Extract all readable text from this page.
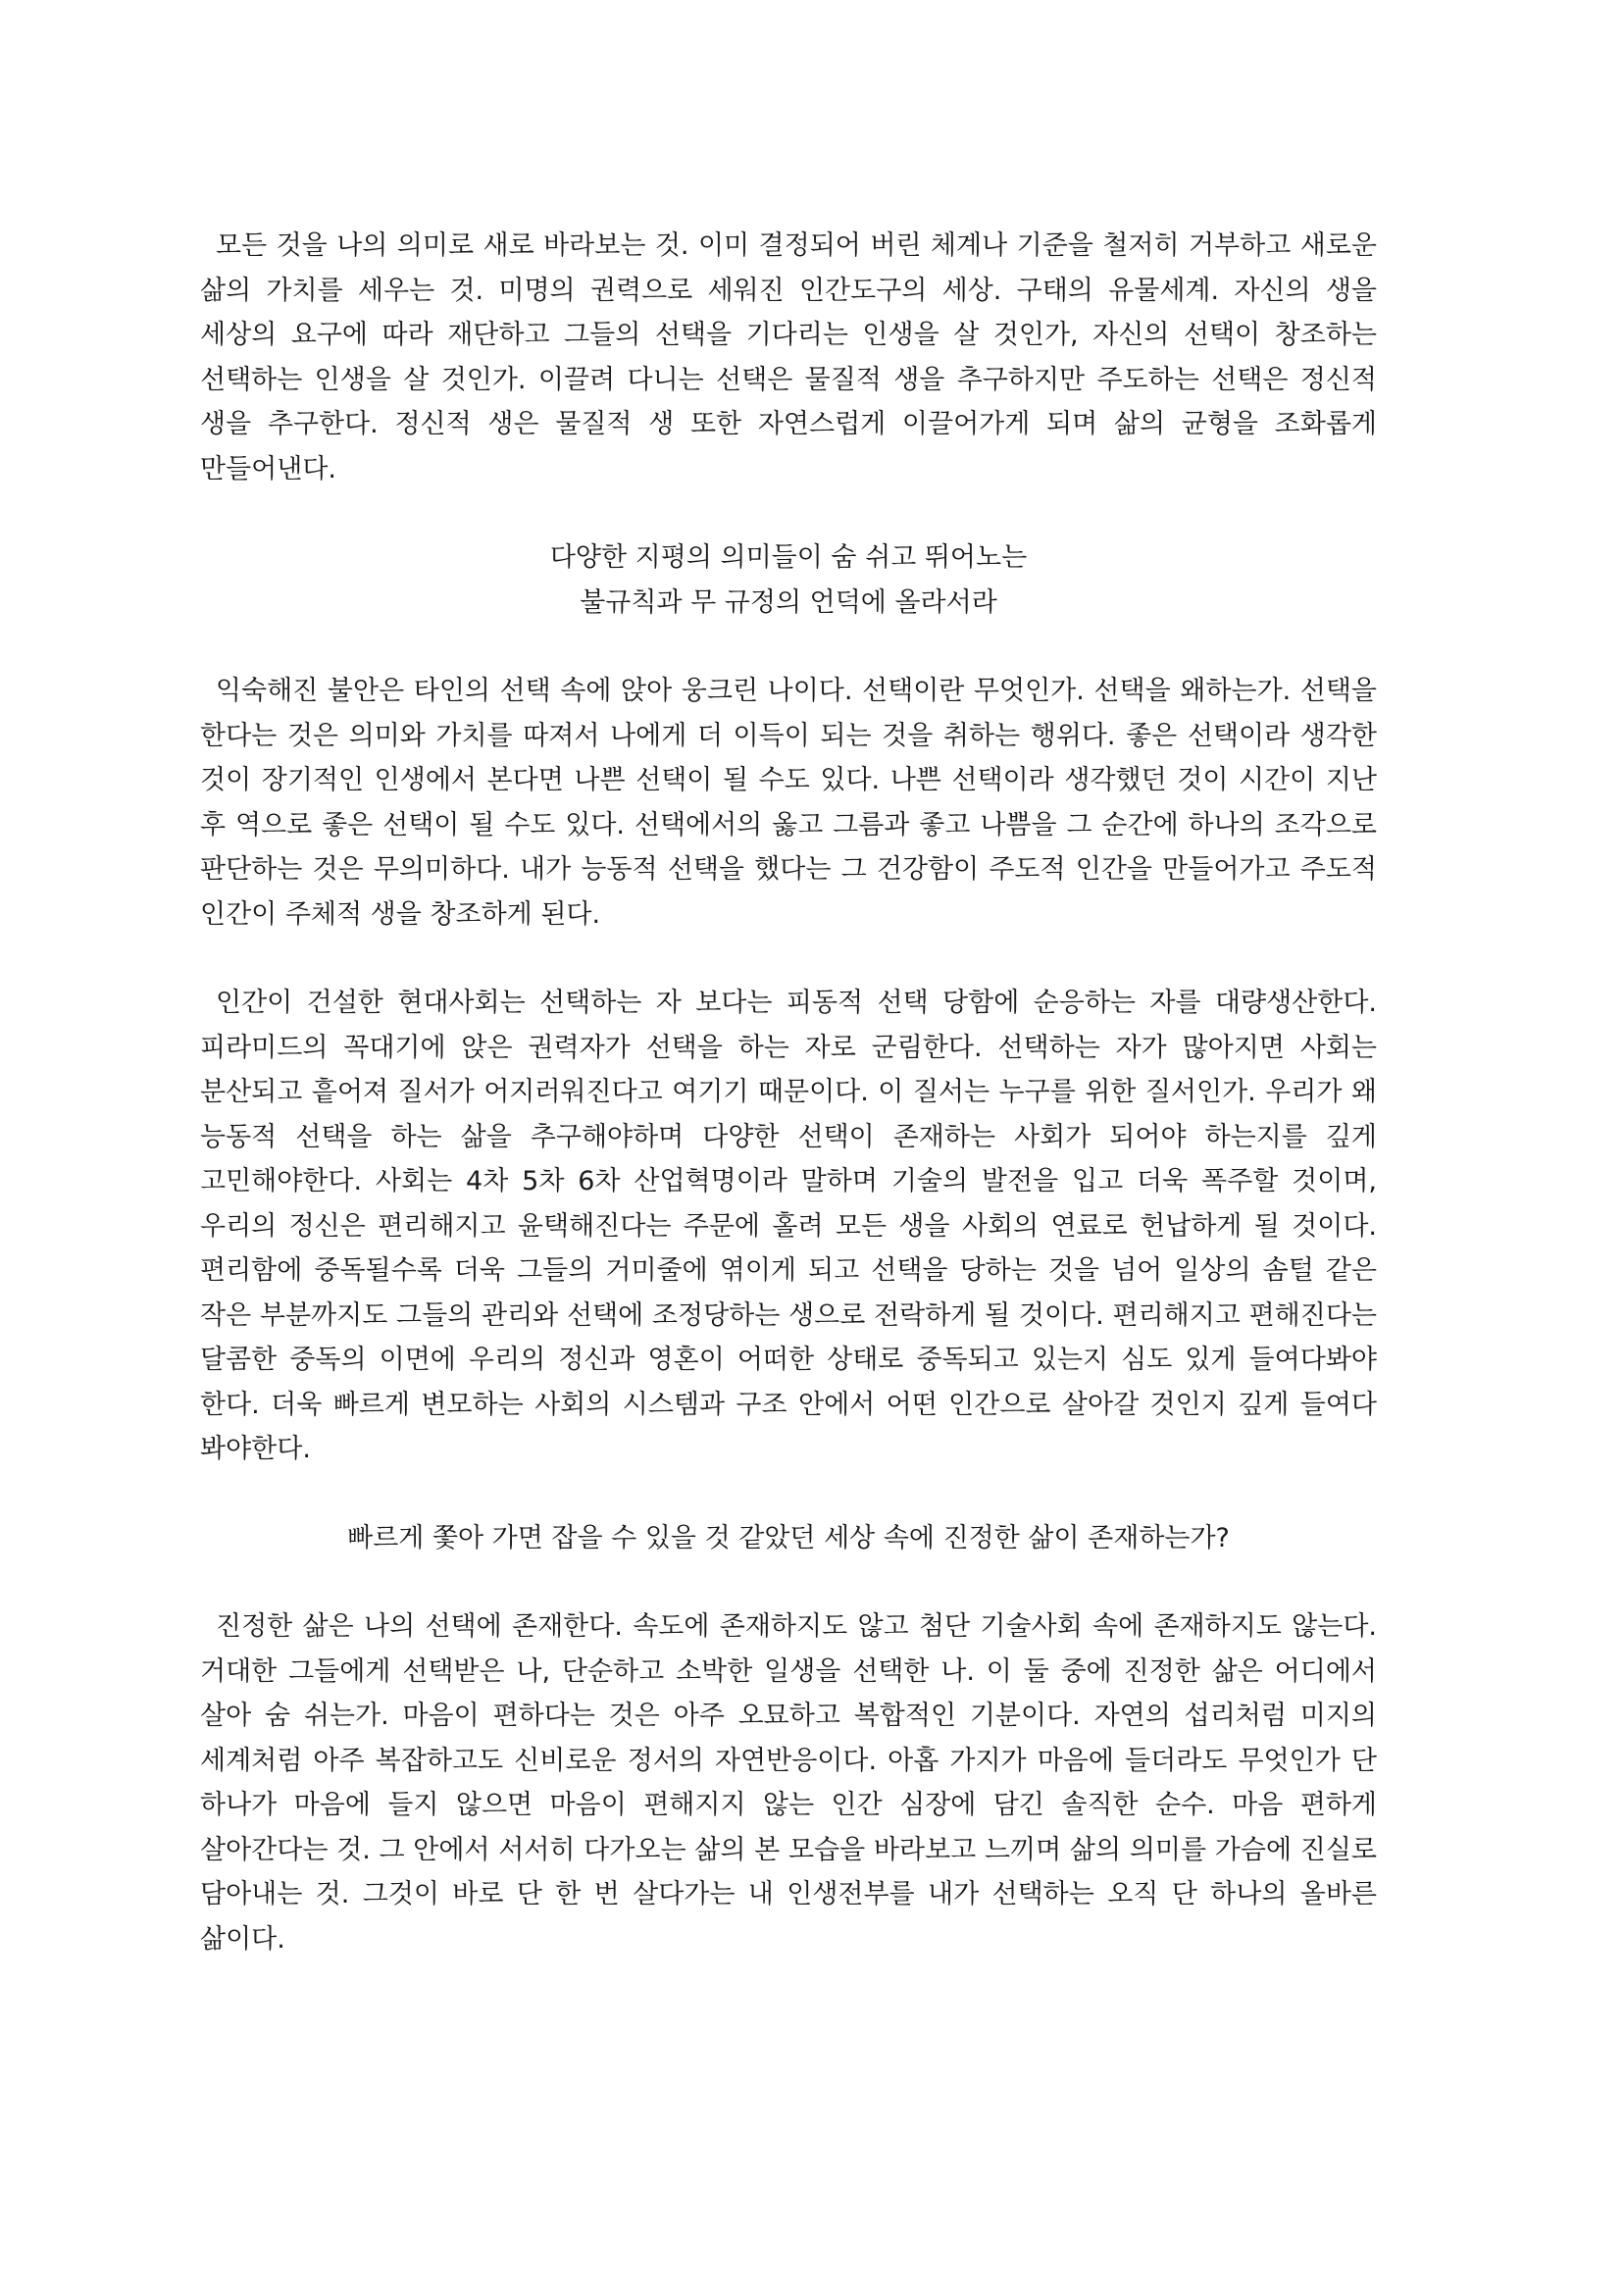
모든 것을 나의 의미로 새로 바라보는 것. 이미 결정되어 버린 체계나 기준을 철저히 거부하고 새로운 삶의 가치를 세우는 것. 미명의 권력으로 세워진 인간도구의 세상. 구태의 유물세계. 자신의 생을 세상의 요구에 따라 재단하고 그들의 선택을 기다리는 인생을 살 것인가, 자신의 선택이 창조하는 선택하는 인생을 살 것인가. 이끌려 다니는 선택은 물질적 생을 추구하지만 주도하는 선택은 정신적 생을 추구한다. 정신적 생은 물질적 생 또한 자연스럽게 이끌어가게 되며 삶의 균형을 조화롭게 만들어낸다.

다양한 지평의 의미들이 숨 쉬고 뛰어노는
불규칙과 무 규정의 언덕에 올라서라

익숙해진 불안은 타인의 선택 속에 앉아 웅크린 나이다. 선택이란 무엇인가. 선택을 왜하는가. 선택을 한다는 것은 의미와 가치를 따져서 나에게 더 이득이 되는 것을 취하는 행위다. 좋은 선택이라 생각한 것이 장기적인 인생에서 본다면 나쁜 선택이 될 수도 있다. 나쁜 선택이라 생각했던 것이 시간이 지난 후 역으로 좋은 선택이 될 수도 있다. 선택에서의 옳고 그름과 좋고 나쁨을 그 순간에 하나의 조각으로 판단하는 것은 무의미하다. 내가 능동적 선택을 했다는 그 건강함이 주도적 인간을 만들어가고 주도적 인간이 주체적 생을 창조하게 된다.

인간이 건설한 현대사회는 선택하는 자 보다는 피동적 선택 당함에 순응하는 자를 대량생산한다. 피라미드의 꼭대기에 앉은 권력자가 선택을 하는 자로 군림한다. 선택하는 자가 많아지면 사회는 분산되고 흩어져 질서가 어지러워진다고 여기기 때문이다. 이 질서는 누구를 위한 질서인가. 우리가 왜 능동적 선택을 하는 삶을 추구해야하며 다양한 선택이 존재하는 사회가 되어야 하는지를 깊게 고민해야한다. 사회는 4차 5차 6차 산업혁명이라 말하며 기술의 발전을 입고 더욱 폭주할 것이며, 우리의 정신은 편리해지고 윤택해진다는 주문에 홀려 모든 생을 사회의 연료로 헌납하게 될 것이다. 편리함에 중독될수록 더욱 그들의 거미줄에 엮이게 되고 선택을 당하는 것을 넘어 일상의 솜털 같은 작은 부분까지도 그들의 관리와 선택에 조정당하는 생으로 전락하게 될 것이다. 편리해지고 편해진다는 달콤한 중독의 이면에 우리의 정신과 영혼이 어떠한 상태로 중독되고 있는지 심도 있게 들여다봐야 한다. 더욱 빠르게 변모하는 사회의 시스템과 구조 안에서 어떤 인간으로 살아갈 것인지 깊게 들여다 봐야한다.

빠르게 쫓아 가면 잡을 수 있을 것 같았던 세상 속에 진정한 삶이 존재하는가?

진정한 삶은 나의 선택에 존재한다. 속도에 존재하지도 않고 첨단 기술사회 속에 존재하지도 않는다. 거대한 그들에게 선택받은 나, 단순하고 소박한 일생을 선택한 나. 이 둘 중에 진정한 삶은 어디에서 살아 숨 쉬는가. 마음이 편하다는 것은 아주 오묘하고 복합적인 기분이다. 자연의 섭리처럼 미지의 세계처럼 아주 복잡하고도 신비로운 정서의 자연반응이다. 아홉 가지가 마음에 들더라도 무엇인가 단 하나가 마음에 들지 않으면 마음이 편해지지 않는 인간 심장에 담긴 솔직한 순수. 마음 편하게 살아간다는 것. 그 안에서 서서히 다가오는 삶의 본 모습을 바라보고 느끼며 삶의 의미를 가슴에 진실로 담아내는 것. 그것이 바로 단 한 번 살다가는 내 인생전부를 내가 선택하는 오직 단 하나의 올바른 삶이다.
